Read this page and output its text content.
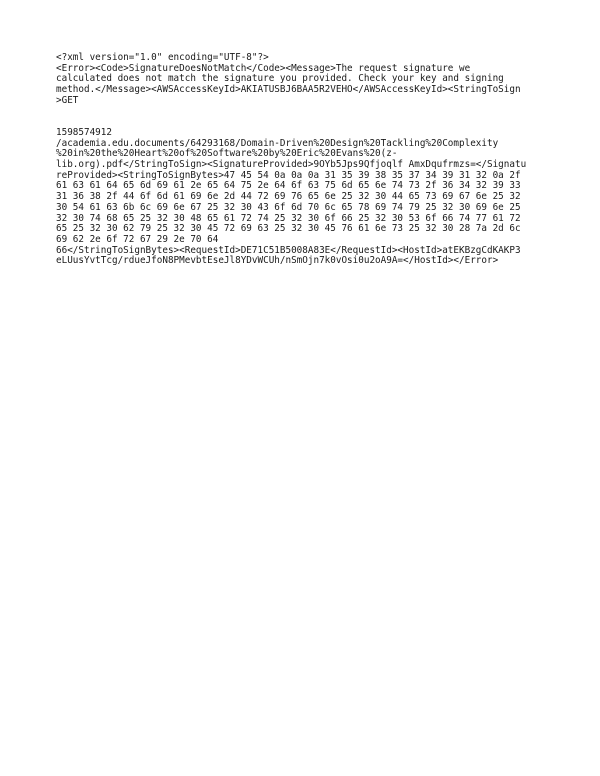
<?xml version="1.0" encoding="UTF-8"?>
<Error><Code>SignatureDoesNotMatch</Code><Message>The request signature we
calculated does not match the signature you provided. Check your key and signing
method.</Message><AWSAccessKeyId>AKIATUSBJ6BAA5R2VEHO</AWSAccessKeyId><StringToSign
>GET

1598574912
/academia.edu.documents/64293168/Domain-Driven%20Design%20Tackling%20Complexity
%20in%20the%20Heart%20of%20Software%20by%20Eric%20Evans%20(z-
lib.org).pdf</StringToSign><SignatureProvided>9OYb5Jps9Qfjoqlf AmxDqufrmzs=</Signatu
reProvided><StringToSignBytes>47 45 54 0a 0a 0a 31 35 39 38 35 37 34 39 31 32 0a 2f
61 63 61 64 65 6d 69 61 2e 65 64 75 2e 64 6f 63 75 6d 65 6e 74 73 2f 36 34 32 39 33
31 36 38 2f 44 6f 6d 61 69 6e 2d 44 72 69 76 65 6e 25 32 30 44 65 73 69 67 6e 25 32
30 54 61 63 6b 6c 69 6e 67 25 32 30 43 6f 6d 70 6c 65 78 69 74 79 25 32 30 69 6e 25
32 30 74 68 65 25 32 30 48 65 61 72 74 25 32 30 6f 66 25 32 30 53 6f 66 74 77 61 72
65 25 32 30 62 79 25 32 30 45 72 69 63 25 32 30 45 76 61 6e 73 25 32 30 28 7a 2d 6c
69 62 2e 6f 72 67 29 2e 70 64
66</StringToSignBytes><RequestId>DE71C51B5008A83E</RequestId><HostId>atEKBzgCdKAKP3
eLUusYvtTcg/rdueJfoN8PMevbtEseJl8YDvWCUh/nSmOjn7k0vOsi0u2oA9A=</HostId></Error>
